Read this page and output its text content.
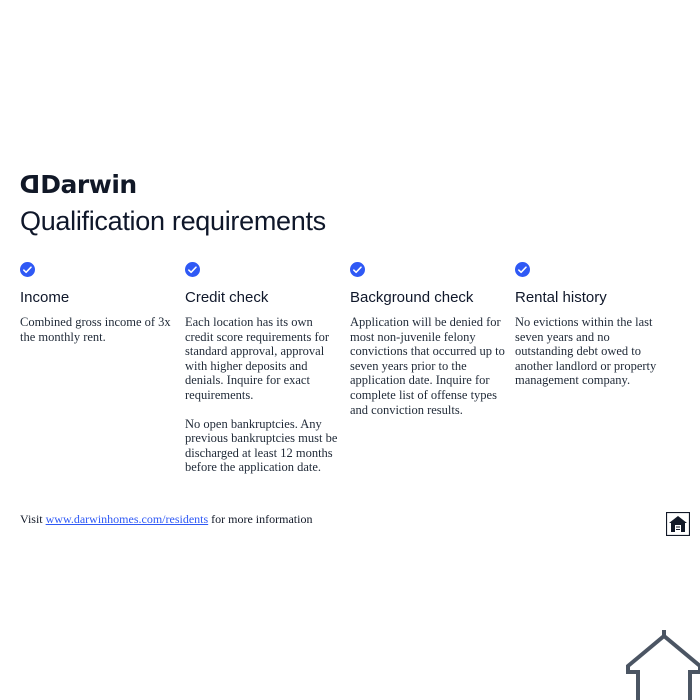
DDarwin
Qualification requirements
Income

Combined gross income of 3x the monthly rent.

Credit check

Each location has its own credit score requirements for standard approval, approval with higher deposits and denials. Inquire for exact requirements.

No open bankruptcies. Any previous bankruptcies must be discharged at least 12 months before the application date.

Background check

Application will be denied for most non-juvenile felony convictions that occurred up to seven years prior to the application date. Inquire for complete list of offense types and conviction results.

Rental history

No evictions within the last seven years and no outstanding debt owed to another landlord or property management company.

Visit www.darwinhomes.com/residents for more information
